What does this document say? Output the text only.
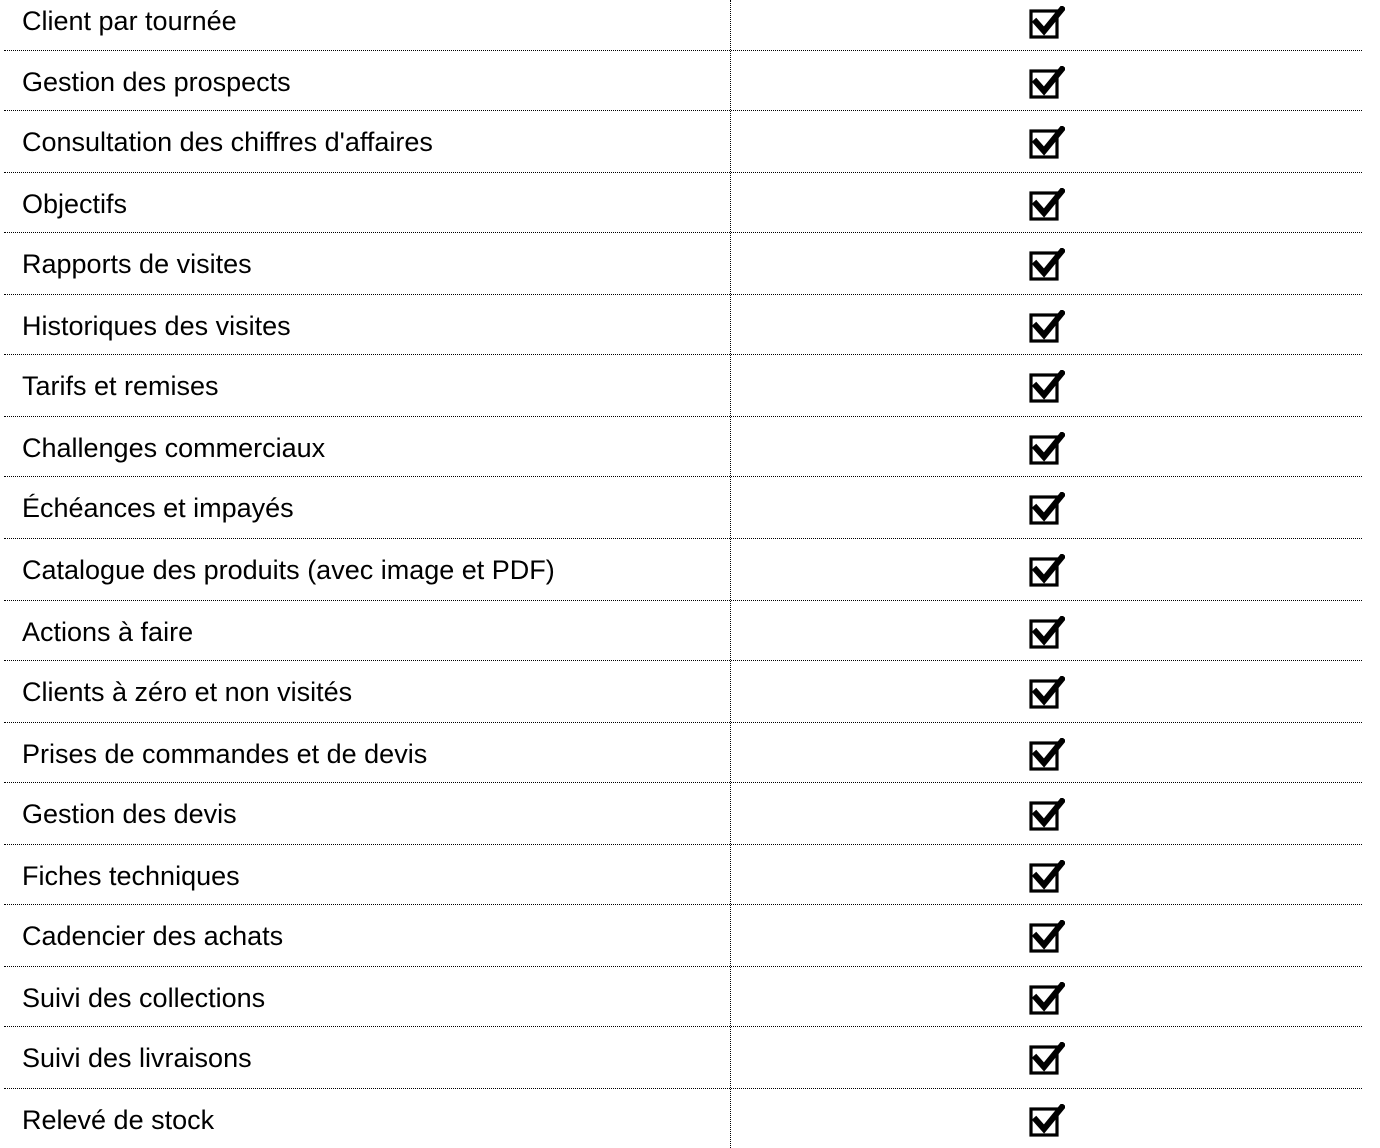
Client par tournée
Gestion des prospects
Consultation des chiffres d'affaires
Objectifs
Rapports de visites
Historiques des visites
Tarifs et remises
Challenges commerciaux
Échéances et impayés
Catalogue des produits (avec image et PDF)
Actions à faire
Clients à zéro et non visités
Prises de commandes et de devis
Gestion des devis
Fiches techniques
Cadencier des achats
Suivi des collections
Suivi des livraisons
Relevé de stock
